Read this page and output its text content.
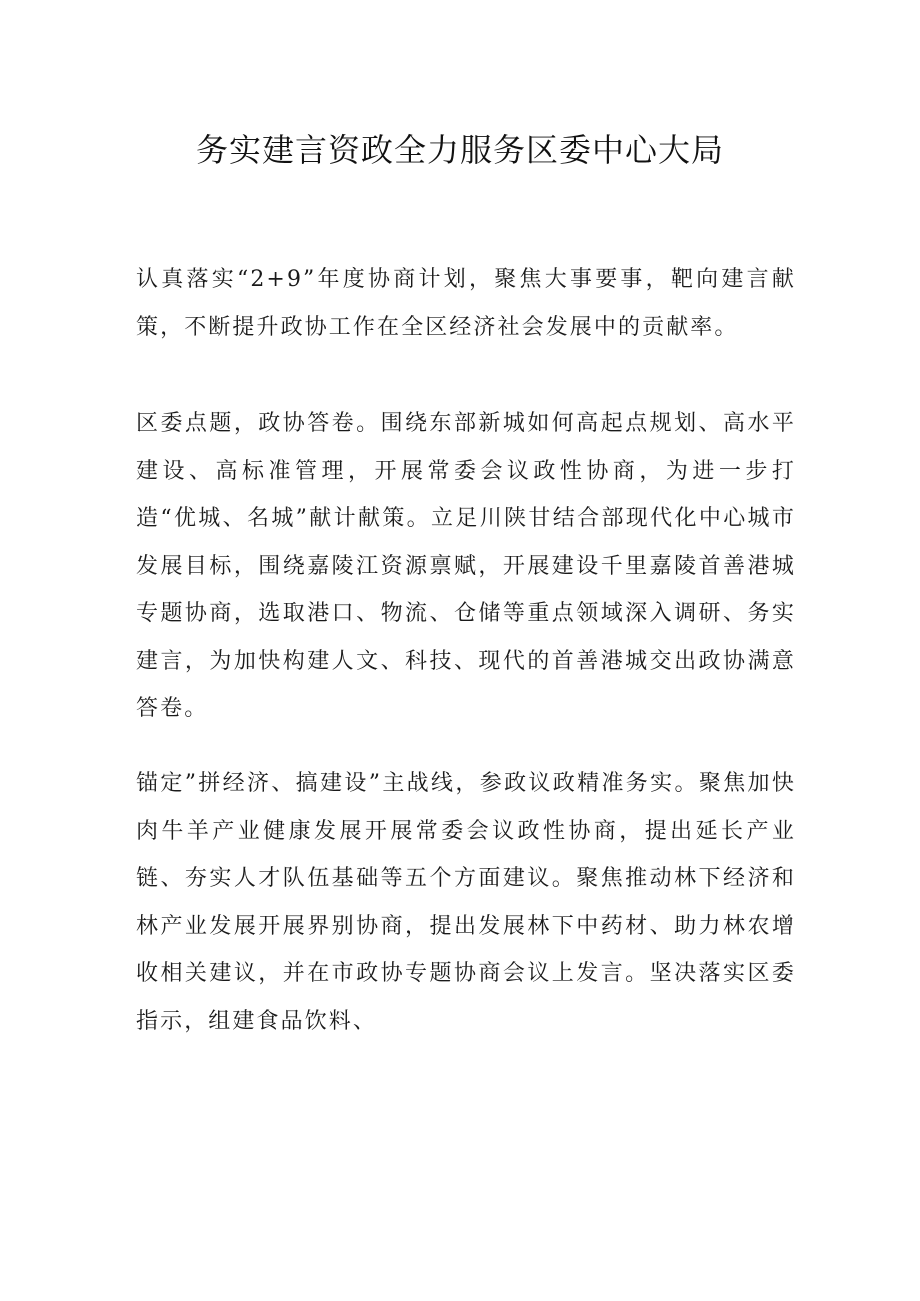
务实建言资政全力服务区委中心大局

认真落实“2+9”年度协商计划，聚焦大事要事，靶向建言献策，不断提升政协工作在全区经济社会发展中的贡献率。

区委点题，政协答卷。围绕东部新城如何高起点规划、高水平建设、高标准管理，开展常委会议政性协商，为进一步打造“优城、名城”献计献策。立足川陕甘结合部现代化中心城市发展目标，围绕嘉陵江资源禀赋，开展建设千里嘉陵首善港城专题协商，选取港口、物流、仓储等重点领域深入调研、务实建言，为加快构建人文、科技、现代的首善港城交出政协满意答卷。

锚定”拼经济、搞建设”主战线，参政议政精准务实。聚焦加快肉牛羊产业健康发展开展常委会议政性协商，提出延长产业链、夯实人才队伍基础等五个方面建议。聚焦推动林下经济和林产业发展开展界别协商，提出发展林下中药材、助力林农增收相关建议，并在市政协专题协商会议上发言。坚决落实区委指示，组建食品饮料、
